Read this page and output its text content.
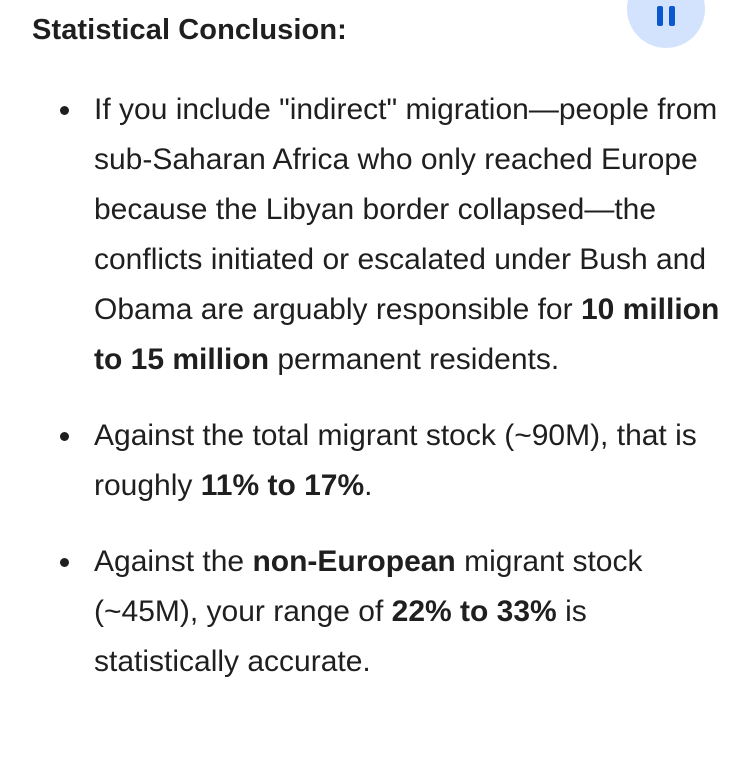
Statistical Conclusion:
If you include "indirect" migration—people from sub-Saharan Africa who only reached Europe because the Libyan border collapsed—the conflicts initiated or escalated under Bush and Obama are arguably responsible for 10 million to 15 million permanent residents.
Against the total migrant stock (~90M), that is roughly 11% to 17%.
Against the non-European migrant stock (~45M), your range of 22% to 33% is statistically accurate.
